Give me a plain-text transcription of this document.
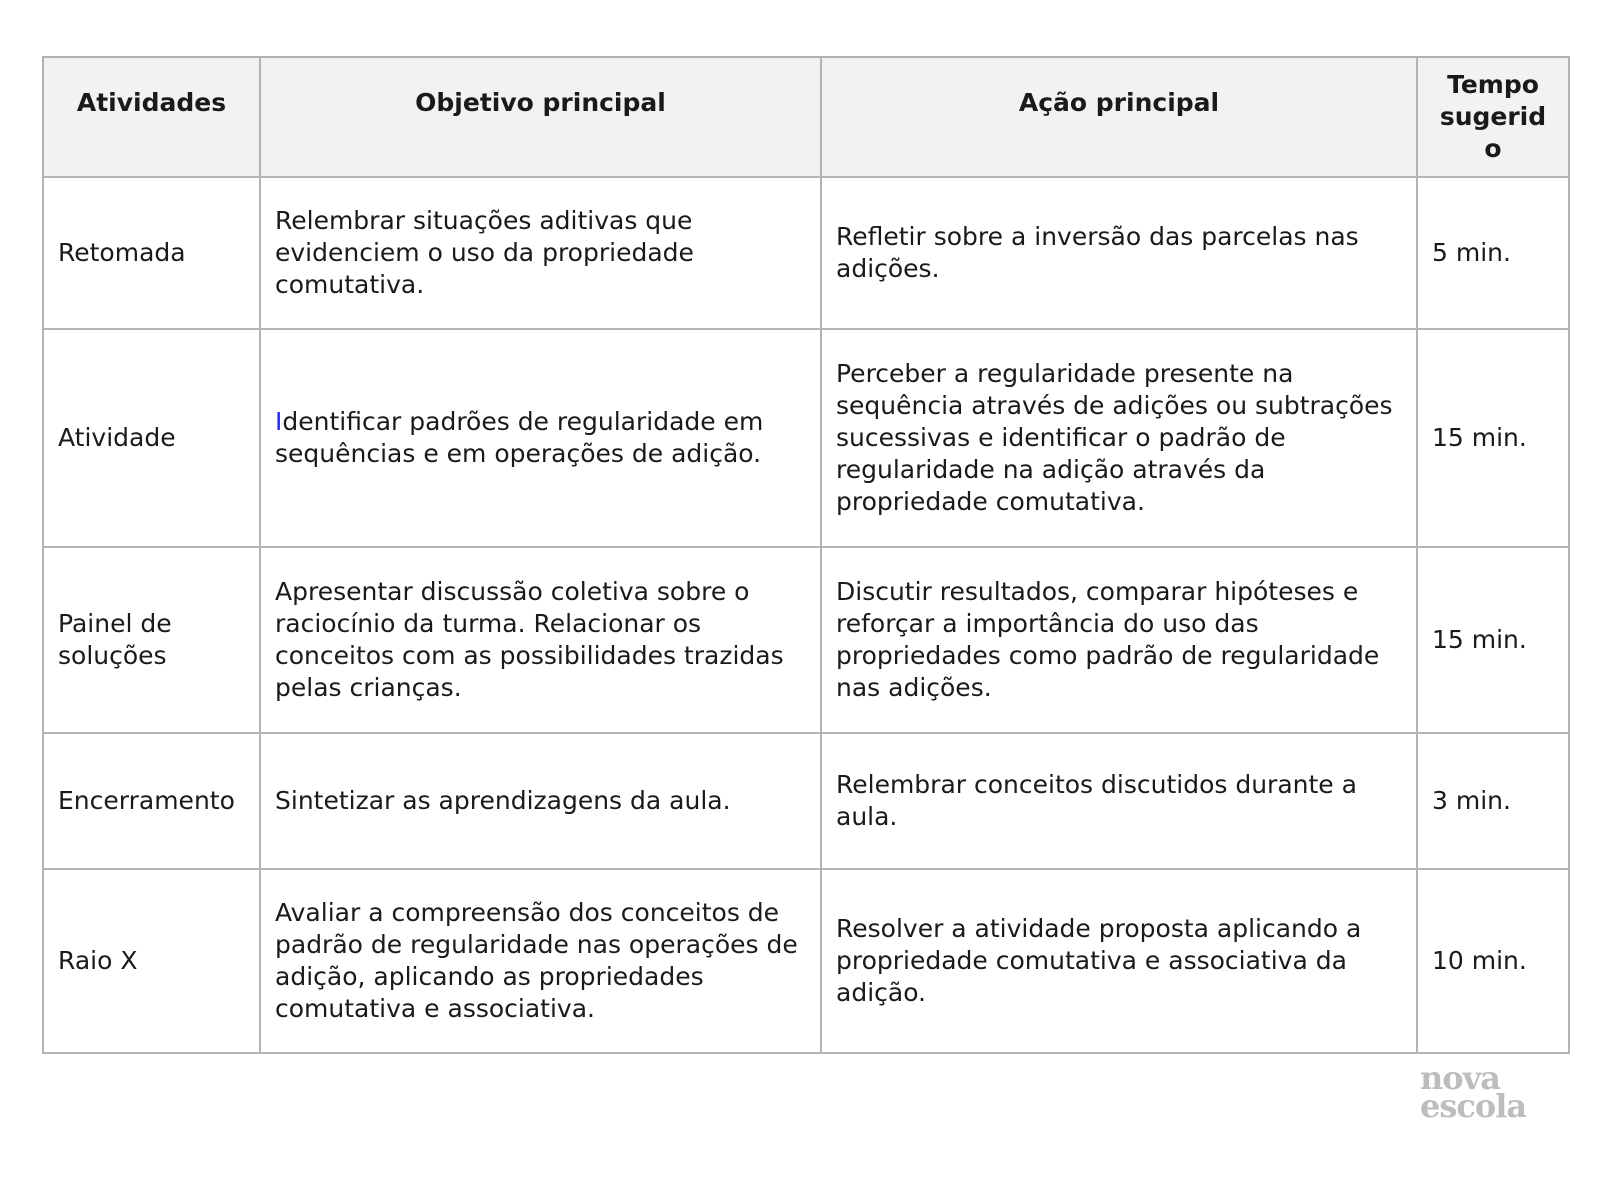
Atividades	Objetivo principal	Ação principal	Tempo sugerido
Retomada	Relembrar situações aditivas que evidenciem o uso da propriedade comutativa.	Refletir sobre a inversão das parcelas nas adições.	5 min.
Atividade	Identificar padrões de regularidade em sequências e em operações de adição.	Perceber a regularidade presente na sequência através de adições ou subtrações sucessivas e identificar o padrão de regularidade na adição através da propriedade comutativa.	15 min.
Painel de soluções	Apresentar discussão coletiva sobre o raciocínio da turma. Relacionar os conceitos com as possibilidades trazidas pelas crianças.	Discutir resultados, comparar hipóteses e reforçar a importância do uso das propriedades como padrão de regularidade nas adições.	15 min.
Encerramento	Sintetizar as aprendizagens da aula.	Relembrar conceitos discutidos durante a aula.	3 min.
Raio X	Avaliar a compreensão dos conceitos de padrão de regularidade nas operações de adição, aplicando as propriedades comutativa e associativa.	Resolver a atividade proposta aplicando a propriedade comutativa e associativa da adição.	10 min.
nova
escola
